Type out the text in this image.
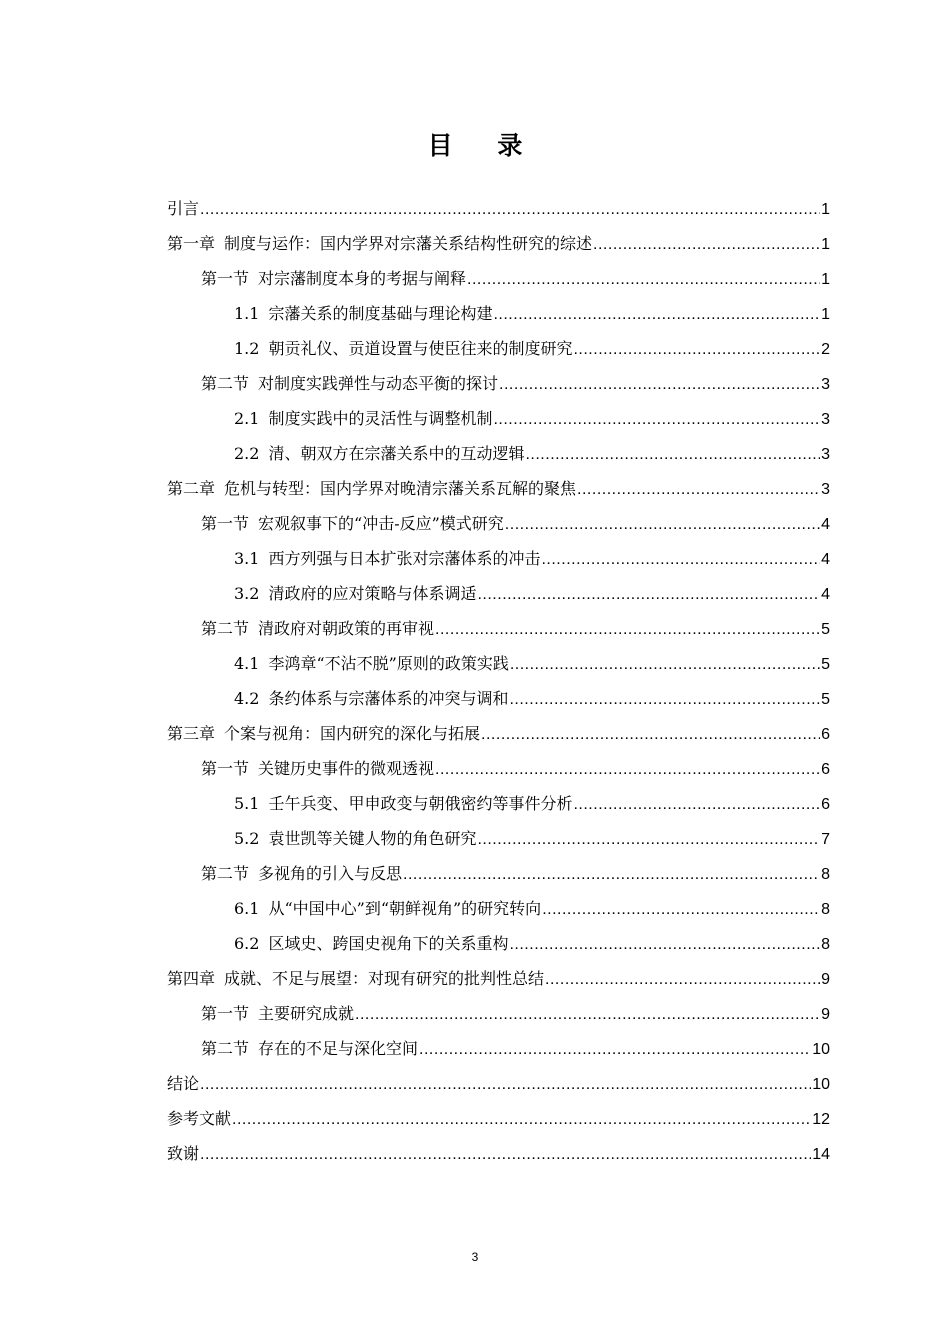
目 录
引言 .....	1
第一章 制度与运作：国内学界对宗藩关系结构性研究的综述 .....	1
第一节 对宗藩制度本身的考据与阐释 .....	1
1.1 宗藩关系的制度基础与理论构建 .....	1
1.2 朝贡礼仪、贡道设置与使臣往来的制度研究 .....	2
第二节 对制度实践弹性与动态平衡的探讨 .....	3
2.1 制度实践中的灵活性与调整机制 .....	3
2.2 清、朝双方在宗藩关系中的互动逻辑 .....	3
第二章 危机与转型：国内学界对晚清宗藩关系瓦解的聚焦 .....	3
第一节 宏观叙事下的“冲击-反应”模式研究 .....	4
3.1 西方列强与日本扩张对宗藩体系的冲击 .....	4
3.2 清政府的应对策略与体系调适 .....	4
第二节 清政府对朝政策的再审视 .....	5
4.1 李鸿章“不沾不脱”原则的政策实践 .....	5
4.2 条约体系与宗藩体系的冲突与调和 .....	5
第三章 个案与视角：国内研究的深化与拓展 .....	6
第一节 关键历史事件的微观透视 .....	6
5.1 壬午兵变、甲申政变与朝俄密约等事件分析 .....	6
5.2 袁世凯等关键人物的角色研究 .....	7
第二节 多视角的引入与反思 .....	8
6.1 从“中国中心”到“朝鲜视角”的研究转向 .....	8
6.2 区域史、跨国史视角下的关系重构 .....	8
第四章 成就、不足与展望：对现有研究的批判性总结 .....	9
第一节 主要研究成就 .....	9
第二节 存在的不足与深化空间 .....	10
结论 .....	10
参考文献 .....	12
致谢 .....	14
3
